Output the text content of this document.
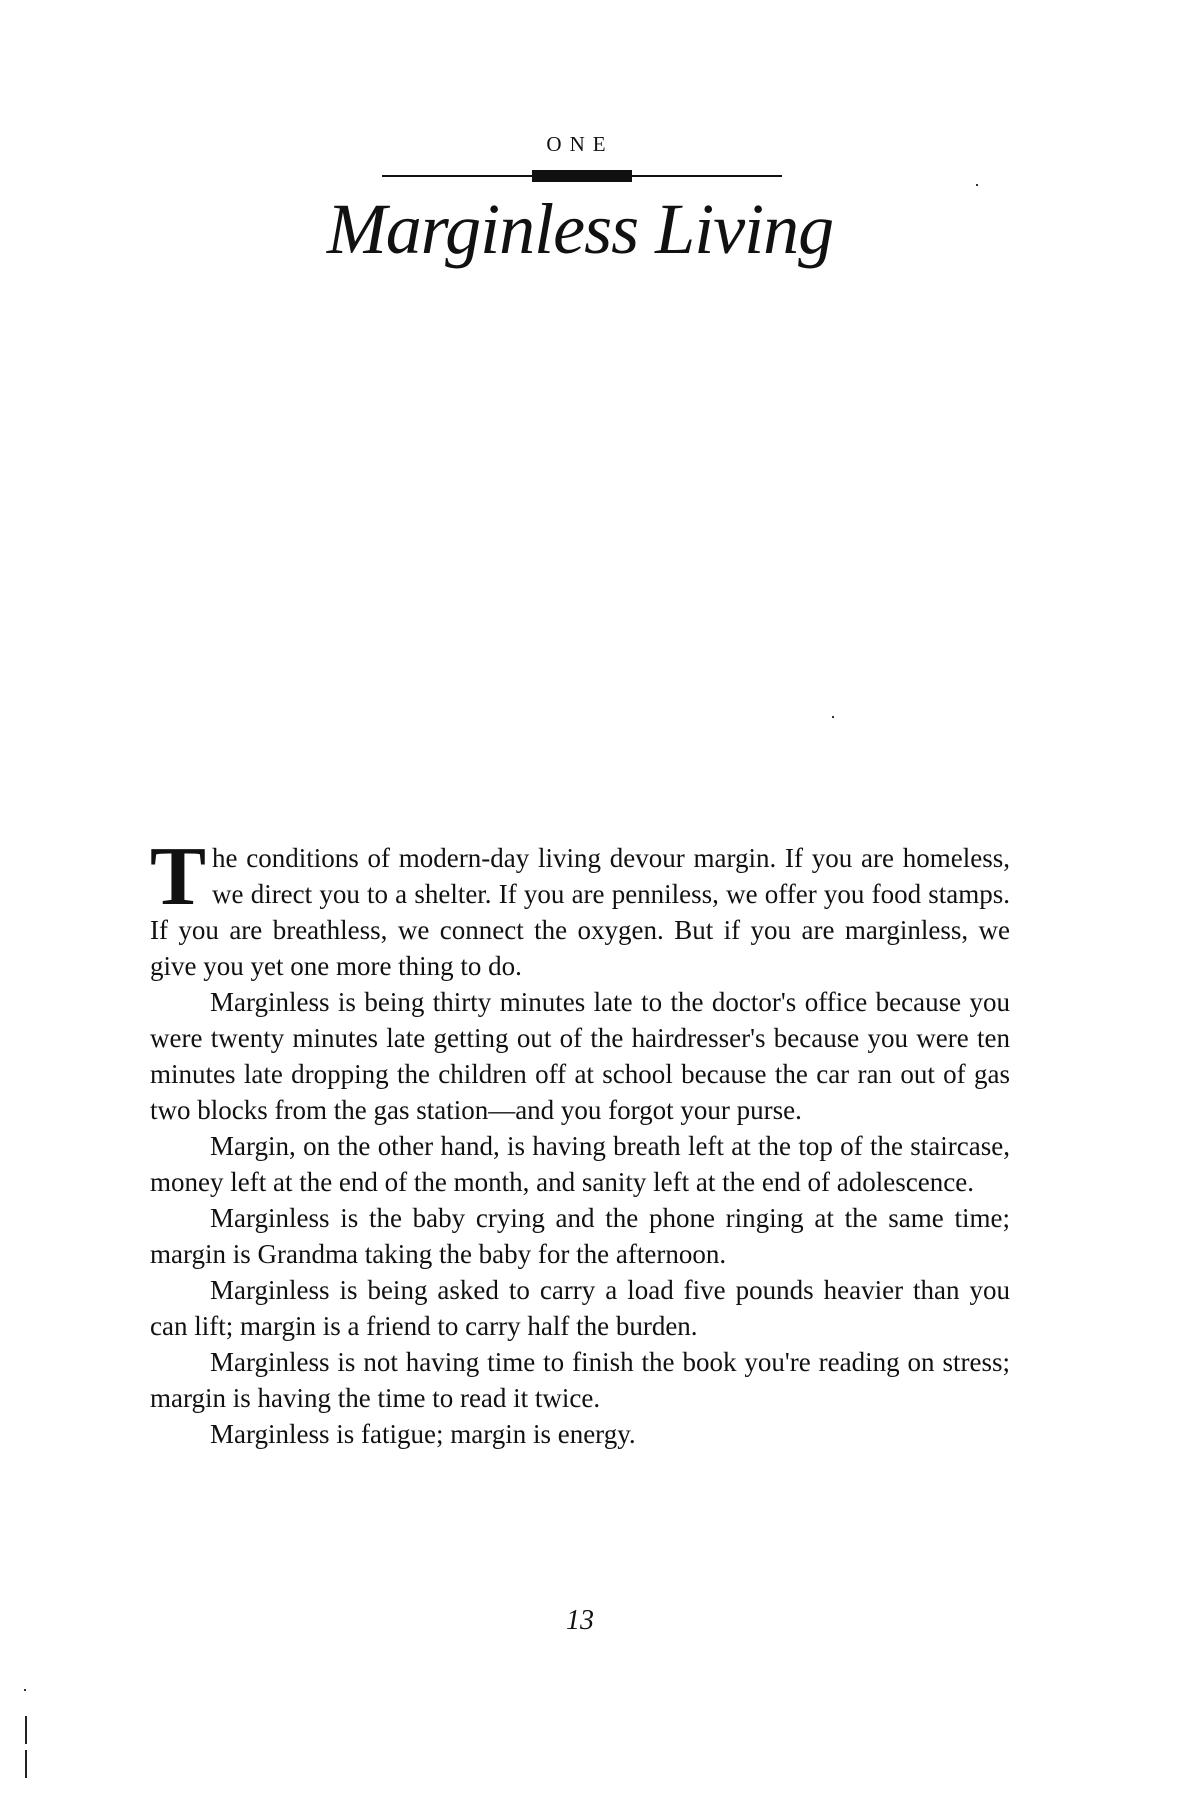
ONE
Marginless Living

The conditions of modern-day living devour margin. If you are homeless, we direct you to a shelter. If you are penniless, we offer you food stamps. If you are breathless, we connect the oxygen. But if you are marginless, we give you yet one more thing to do.

Marginless is being thirty minutes late to the doctor's office because you were twenty minutes late getting out of the hairdresser's because you were ten minutes late dropping the children off at school because the car ran out of gas two blocks from the gas station—and you forgot your purse.

Margin, on the other hand, is having breath left at the top of the staircase, money left at the end of the month, and sanity left at the end of adolescence.

Marginless is the baby crying and the phone ringing at the same time; margin is Grandma taking the baby for the afternoon.

Marginless is being asked to carry a load five pounds heavier than you can lift; margin is a friend to carry half the burden.

Marginless is not having time to finish the book you're reading on stress; margin is having the time to read it twice.

Marginless is fatigue; margin is energy.

13
